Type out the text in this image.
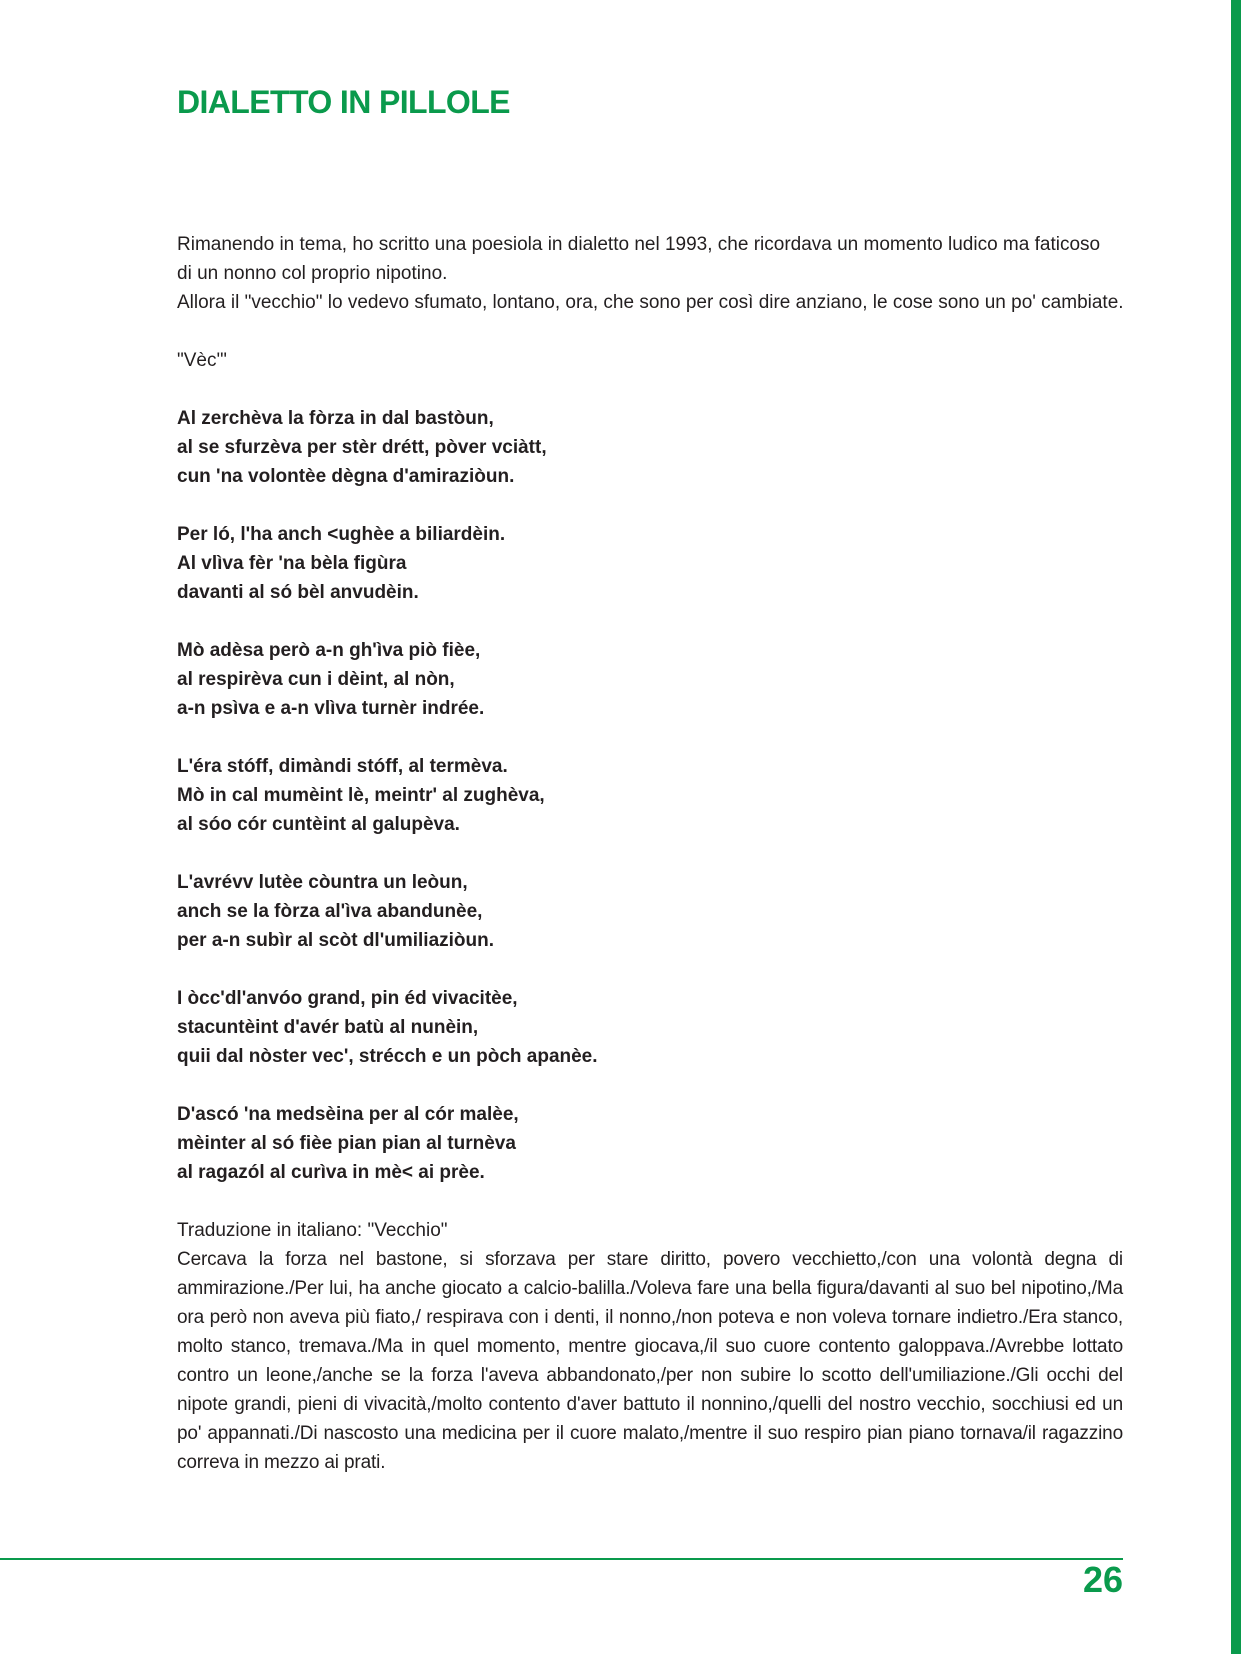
DIALETTO IN PILLOLE
Rimanendo in tema, ho scritto una poesiola in dialetto nel 1993, che ricordava un momento ludico ma faticoso
di un nonno col proprio nipotino.
Allora il "vecchio" lo vedevo sfumato, lontano, ora, che sono per così dire anziano, le cose sono un po' cambiate.

"Vèc'"

Al zerchèva la fòrza in dal bastòun,
al se sfurzèva per stèr drétt, pòver vciàtt,
cun 'na volontèe dègna d'amiraziòun.

Per ló, l'ha anch <ughèe a biliardèin.
Al vlìva fèr 'na bèla figùra
davanti al só bèl anvudèin.

Mò adèsa però a-n gh'ìva piò fièe,
al respirèva cun i dèint, al nòn,
a-n psìva e a-n vlìva turnèr indrée.

L'éra stóff, dimàndi stóff, al termèva.
Mò in cal mumèint lè, meintr' al zughèva,
al sóo cór cuntèint al galupèva.

L'avrévv lutèe còuntra un leòun,
anch se la fòrza al'ìva abandunèe,
per a-n subìr al scòt dl'umiliaziòun.

I òcc'dl'anvóo grand, pin éd vivacitèe,
stacuntèint d'avér batù al nunèin,
quii dal nòster vec', strécch e un pòch apanèe.

D'ascó 'na medsèina per al cór malèe,
mèinter al só fièe pian pian al turnèva
al ragazól al curìva in mè< ai prèe.

Traduzione in italiano: "Vecchio"

Cercava la forza nel bastone, si sforzava per stare diritto, povero vecchietto,/con una volontà degna di ammirazione./Per lui, ha anche giocato a calcio-balilla./Voleva fare una bella figura/davanti al suo bel nipotino,/Ma ora però non aveva più fiato,/ respirava con i denti, il nonno,/non poteva e non voleva tornare indietro./Era stanco, molto stanco, tremava./Ma in quel momento, mentre giocava,/il suo cuore contento galoppava./Avrebbe lottato contro un leone,/anche se la forza l'aveva abbandonato,/per non subire lo scotto dell'umiliazione./Gli occhi del nipote grandi, pieni di vivacità,/molto contento d'aver battuto il nonnino,/quelli del nostro vecchio, socchiusi ed un po' appannati./Di nascosto una medicina per il cuore malato,/mentre il suo respiro pian piano tornava/il ragazzino correva in mezzo ai prati.

26
